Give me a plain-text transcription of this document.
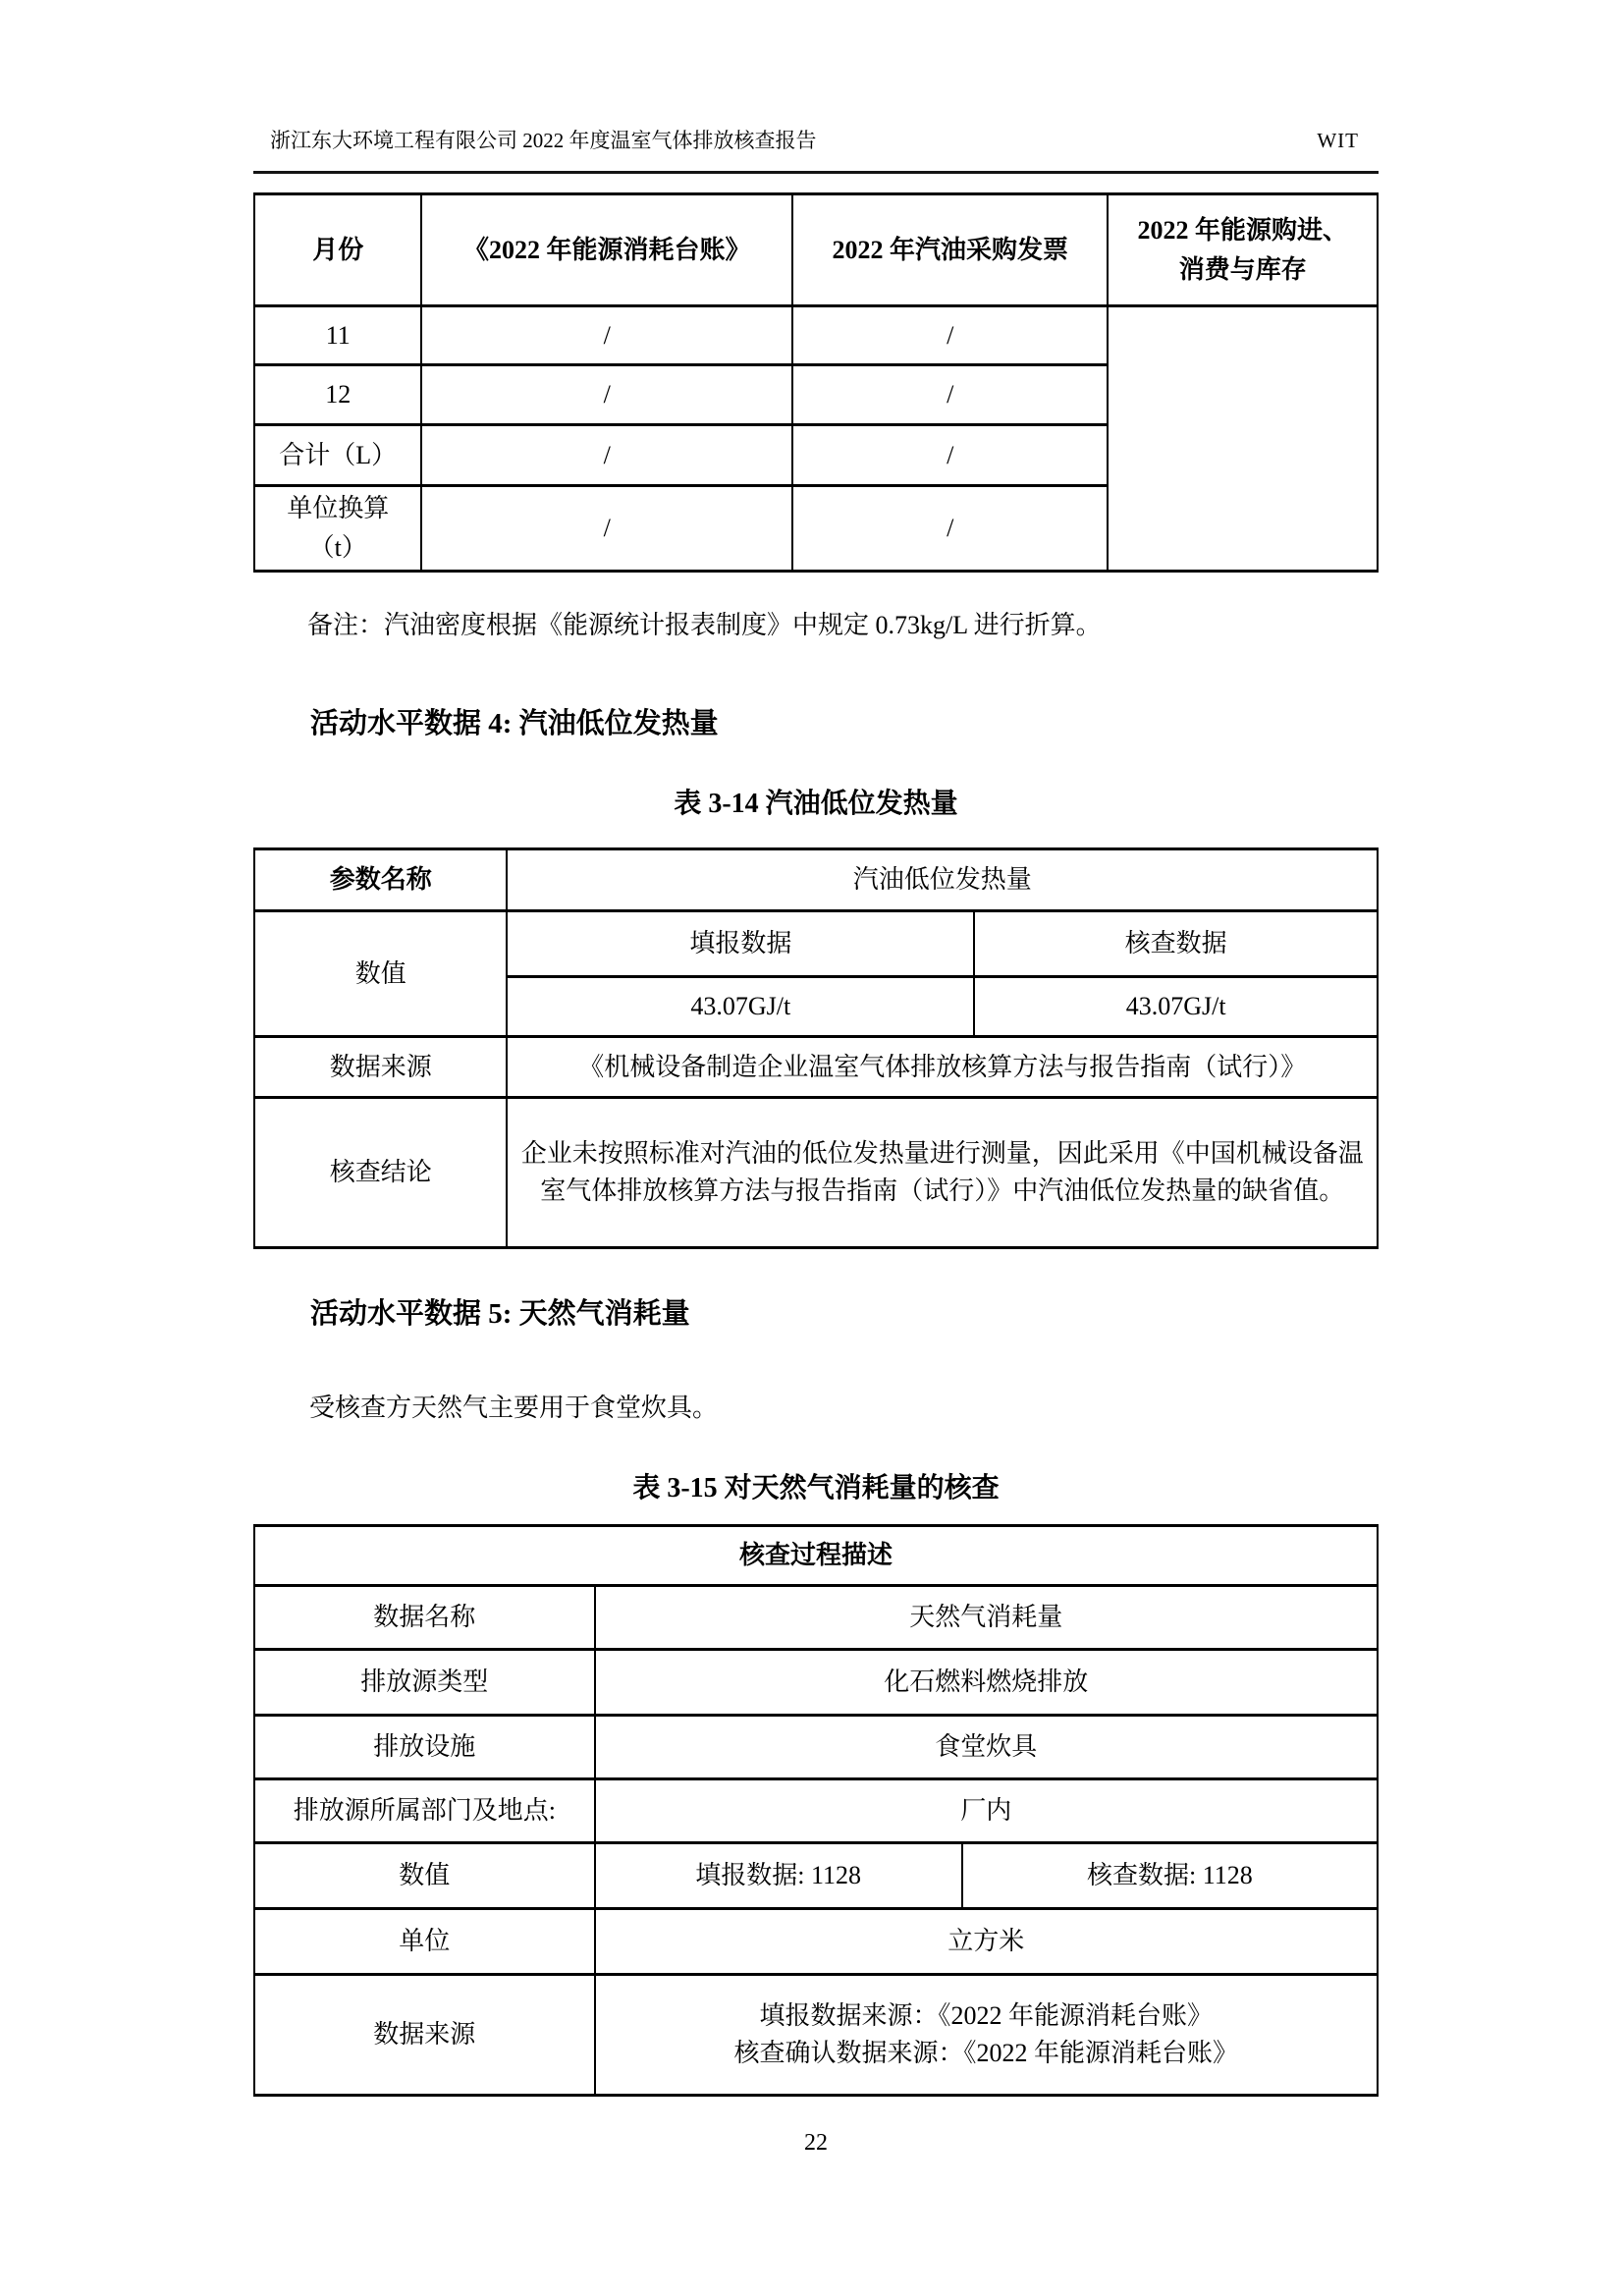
浙江东大环境工程有限公司 2022 年度温室气体排放核查报告	WIT
月份	《2022 年能源消耗台账》	2022 年汽油采购发票	2022 年能源购进、
消费与库存

11	/	/	
12	/	/	
合计（L）	/	/	

单位换算
（t）	/	/	
备注：汽油密度根据《能源统计报表制度》中规定 0.73kg/L 进行折算。
活动水平数据 4: 汽油低位发热量
表 3-14 汽油低位发热量
参数名称	汽油低位发热量	
数值	填报数据	核查数据
	43.07GJ/t	43.07GJ/t
数据来源	《机械设备制造企业温室气体排放核算方法与报告指南（试行）》	
核查结论	企业未按照标准对汽油的低位发热量进行测量，因此采用《中国机械设备温室气体排放核算方法与报告指南（试行）》中汽油低位发热量的缺省值。	
活动水平数据 5: 天然气消耗量
受核查方天然气主要用于食堂炊具。
表 3-15 对天然气消耗量的核查
核查过程描述		
数据名称	天然气消耗量	
排放源类型	化石燃料燃烧排放	
排放设施	食堂炊具	
排放源所属部门及地点:	厂内	
数值	填报数据: 1128	核查数据: 1128
单位	立方米	
数据来源	填报数据来源：《2022 年能源消耗台账》
核查确认数据来源：《2022 年能源消耗台账》	
22
